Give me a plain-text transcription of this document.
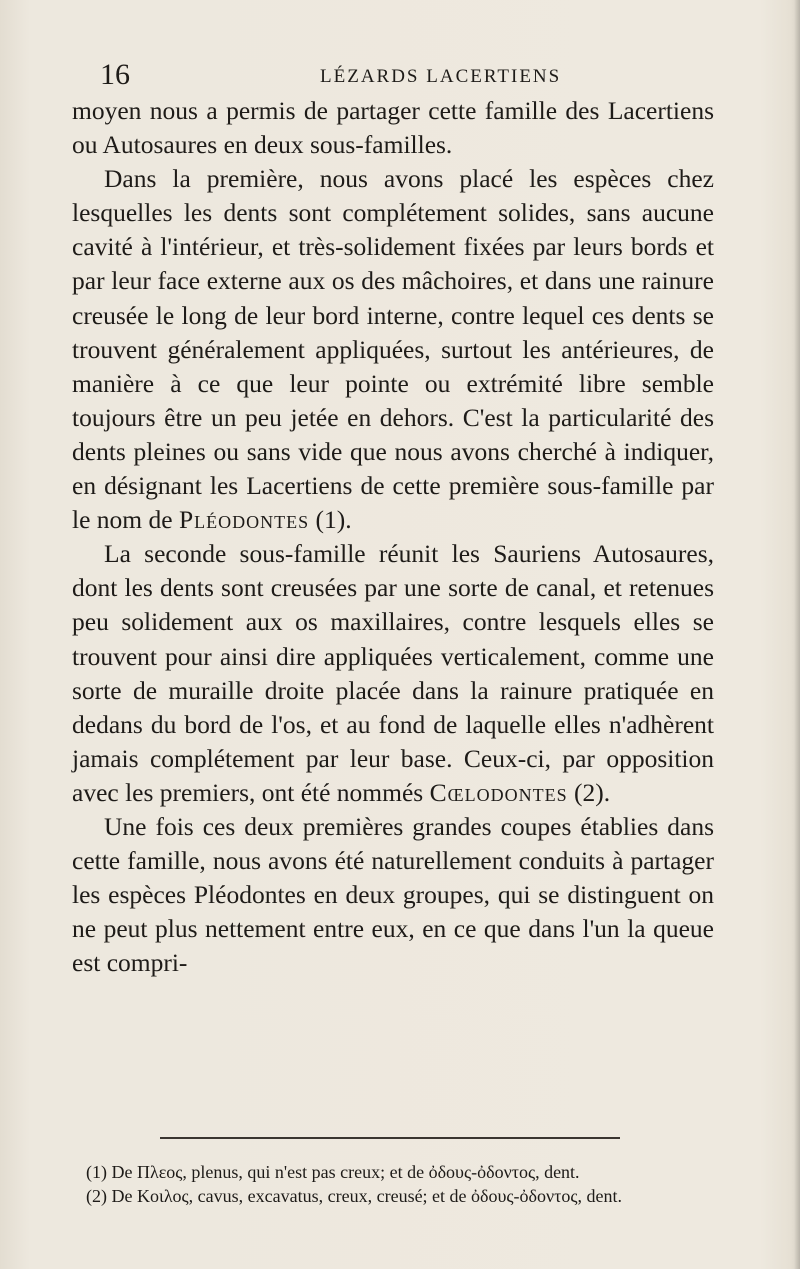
16	LÉZARDS LACERTIENS

moyen nous a permis de partager cette famille des Lacertiens ou Autosaures en deux sous-familles.

Dans la première, nous avons placé les espèces chez lesquelles les dents sont complétement solides, sans aucune cavité à l'intérieur, et très-solidement fixées par leurs bords et par leur face externe aux os des mâchoires, et dans une rainure creusée le long de leur bord interne, contre lequel ces dents se trouvent généralement appliquées, surtout les antérieures, de manière à ce que leur pointe ou extrémité libre semble toujours être un peu jetée en dehors. C'est la particularité des dents pleines ou sans vide que nous avons cherché à indiquer, en désignant les Lacertiens de cette première sous-famille par le nom de Pléodontes (1).

La seconde sous-famille réunit les Sauriens Autosaures, dont les dents sont creusées par une sorte de canal, et retenues peu solidement aux os maxillaires, contre lesquels elles se trouvent pour ainsi dire appliquées verticalement, comme une sorte de muraille droite placée dans la rainure pratiquée en dedans du bord de l'os, et au fond de laquelle elles n'adhèrent jamais complétement par leur base. Ceux-ci, par opposition avec les premiers, ont été nommés Cœlodontes (2).

Une fois ces deux premières grandes coupes établies dans cette famille, nous avons été naturellement conduits à partager les espèces Pléodontes en deux groupes, qui se distinguent on ne peut plus nettement entre eux, en ce que dans l'un la queue est compri-

(1) De Πλεος, plenus, qui n'est pas creux; et de ὀδους-ὀδοντος, dent.

(2) De Κοιλος, cavus, excavatus, creux, creusé; et de ὀδους-ὀδοντος, dent.
